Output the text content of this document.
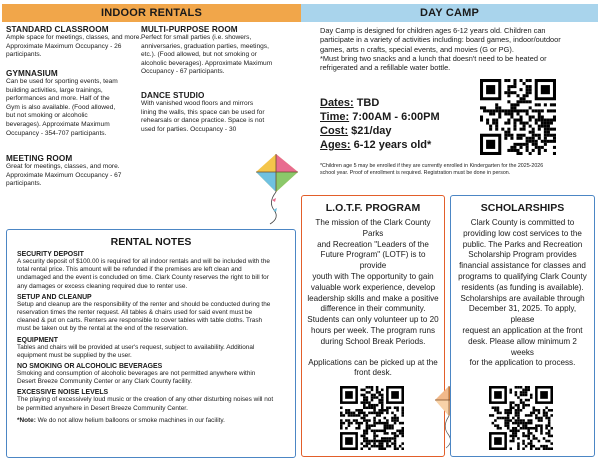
INDOOR RENTALS	DAY CAMP
STANDARD CLASSROOM
Ample space for meetings, classes, and more.
Approximate Maximum Occupancy - 26
participants.
GYMNASIUM
Can be used for sporting events, team
building activities, large trainings,
performances and more. Half of the
Gym is also available. (Food allowed,
but not smoking or alcoholic
beverages). Approximate Maximum
Occupancy - 354-707 participants.
MEETING ROOM
Great for meetings, classes, and more.
Approximate Maximum Occupancy - 67
participants.
MULTI-PURPOSE ROOM
Perfect for small parties (i.e. showers,
anniversaries, graduation parties, meetings,
etc.). (Food allowed, but not smoking or
alcoholic beverages). Approximate Maximum
Occupancy - 67 participants.
DANCE STUDIO
With vanished wood floors and mirrors
lining the walls, this space can be used for
rehearsals or dance practice. Space is not
used for parties. Occupancy - 30
Day Camp is designed for children ages 6-12 years old. Children can
participate in a variety of activities including: board games, indoor/outdoor
games, arts n crafts, special events, and movies (G or PG).
*Must bring two snacks and a lunch that doesn't need to be heated or
refrigerated and a refillable water bottle.
Dates: TBD
Time: 7:00AM - 6:00PM
Cost: $21/day
Ages: 6-12 years old*
*Children age 5 may be enrolled if they are currently enrolled in Kindergarten for the 2025-2026
school year. Proof of enrollment is required. Registration must be done in person.
RENTAL NOTES
SECURITY DEPOSIT
A security deposit of $100.00 is required for all indoor rentals and will be included with the
total rental price. This amount will be refunded if the premises are left clean and
undamaged and the event is concluded on time. Clark County reserves the right to bill for
any damages or excess cleaning required due to renter use.
SETUP AND CLEANUP
Setup and cleanup are the responsibility of the renter and should be conducted during the
reservation times the renter request. All tables & chairs used for said event must be
cleaned & put on carts. Renters are responsible to cover tables with table cloths. Trash
must be taken out by the rental at the end of the reservation.
EQUIPMENT
Tables and chairs will be provided at user's request, subject to availability. Additional
equipment must be supplied by the user.
NO SMOKING OR ALCOHOLIC BEVERAGES
Smoking and consumption of alcoholic beverages are not permitted anywhere within
Desert Breeze Community Center or any Clark County facility.
EXCESSIVE NOISE LEVELS
The playing of excessively loud music or the creation of any other disturbing noises will not
be permitted anywhere in Desert Breeze Community Center.
*Note: We do not allow helium balloons or smoke machines in our facility.
L.O.T.F. PROGRAM
The mission of the Clark County Parks
and Recreation "Leaders of the
Future Program" (LOTF) is to provide
youth with The opportunity to gain
valuable work experience, develop
leadership skills and make a positive
difference in their community.
Students can only volunteer up to 20
hours per week. The program runs
during School Break Periods.
Applications can be picked up at the
front desk.
SCHOLARSHIPS
Clark County is committed to
providing low cost services to the
public. The Parks and Recreation
Scholarship Program provides
financial assistance for classes and
programs to qualifying Clark County
residents (as funding is available).
Scholarships are available through
December 31, 2025. To apply, please
request an application at the front
desk. Please allow minimum 2 weeks
for the application to process.
